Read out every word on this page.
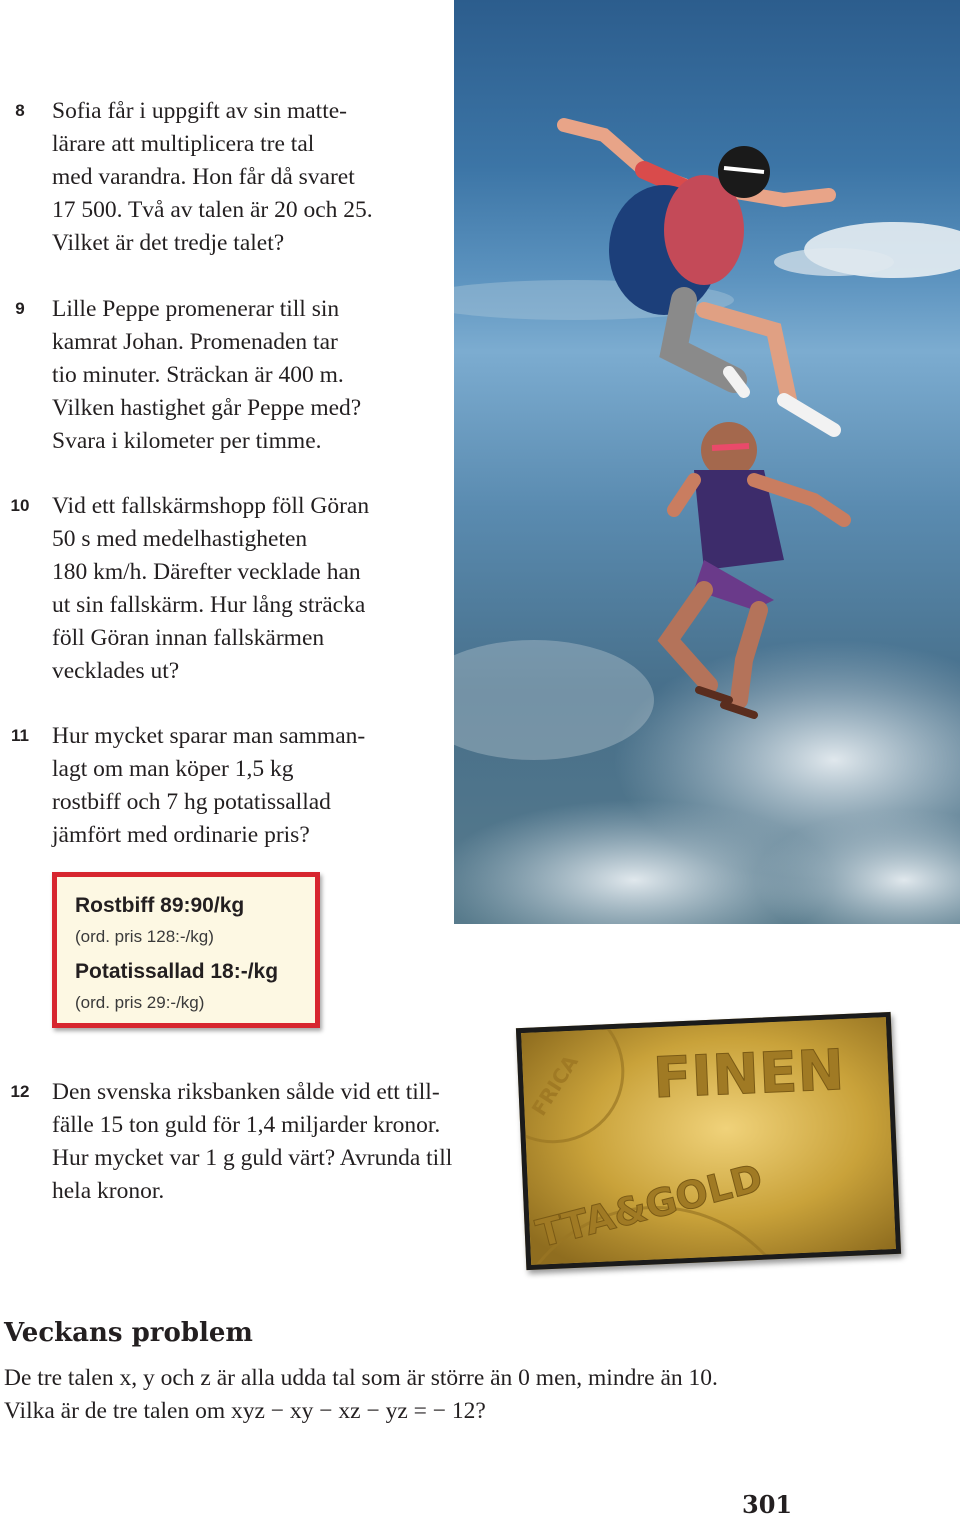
8	Sofia får i uppgift av sin matte-
lärare att multiplicera tre tal
med varandra. Hon får då svaret
17 500. Två av talen är 20 och 25.
Vilket är det tredje talet?
9	Lille Peppe promenerar till sin
kamrat Johan. Promenaden tar
tio minuter. Sträckan är 400 m.
Vilken hastighet går Peppe med?
Svara i kilometer per timme.
10 Vid ett fallskärmshopp föll Göran
50 s med medelhastigheten
180 km/h. Därefter vecklade han
ut sin fallskärm. Hur lång sträcka
föll Göran innan fallskärmen
vecklades ut?
11 Hur mycket sparar man samman-
lagt om man köper 1,5 kg
rostbiff och 7 hg potatissallad
jämfört med ordinarie pris?

Rostbiff 89:90/kg

(ord. pris 128:-/kg)

Potatissallad 18:-/kg

(ord. pris 29:-/kg)

12 Den svenska riksbanken sålde vid ett till-
fälle 15 ton guld för 1,4 miljarder kronor.
Hur mycket var 1 g guld värt? Avrunda till
hela kronor.
FINEN
TTA&GOLD
FRICA
Veckans problem
De tre talen x, y och z är alla udda tal som är större än 0 men, mindre än 10.
Vilka är de tre talen om xyz − xy − xz − yz = − 12?
301
